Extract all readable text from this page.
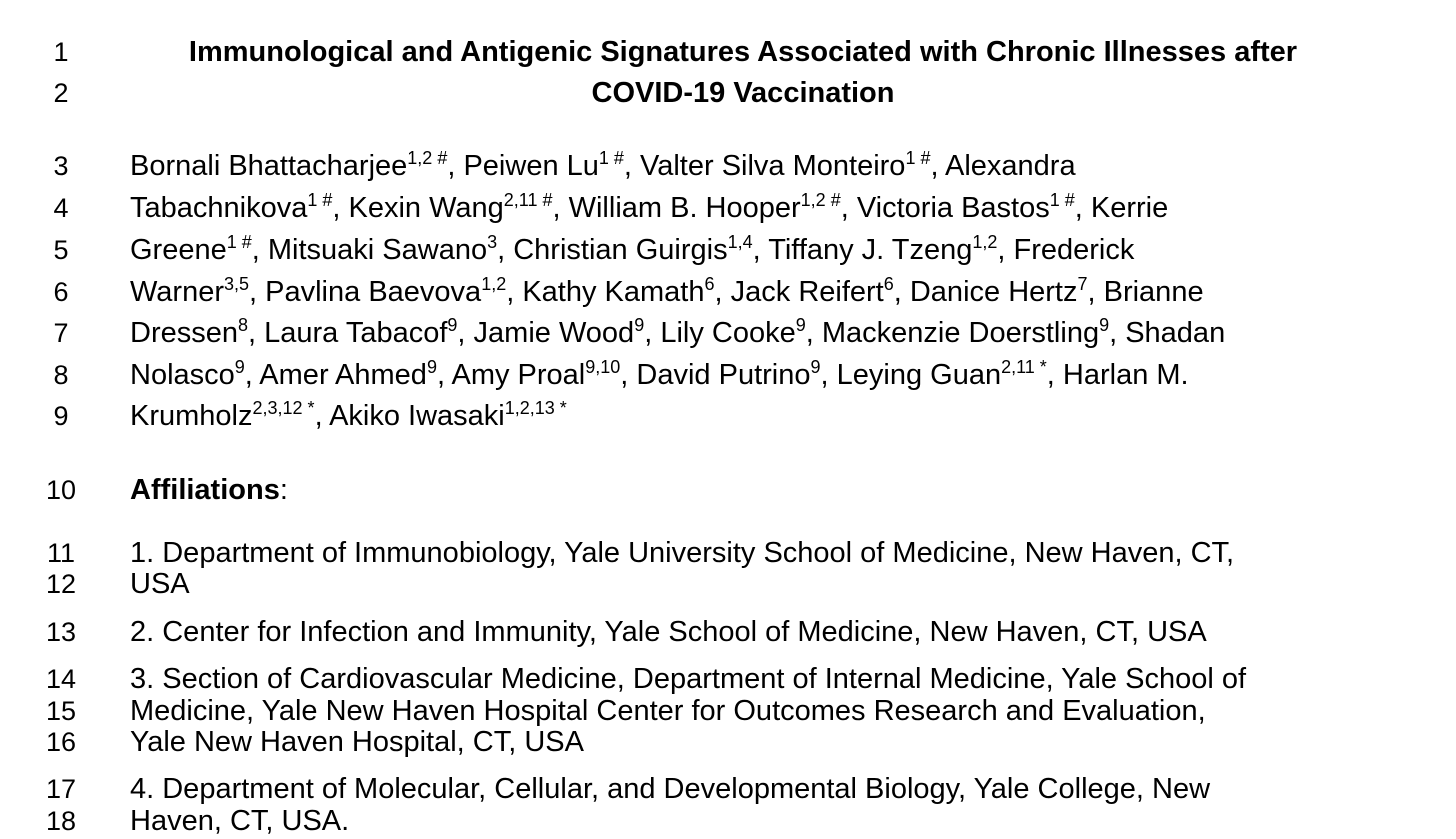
1
2
3
4
5
6
7
8
9
10
11
12
13
14
15
16
17
18
Immunological and Antigenic Signatures Associated with Chronic Illnesses after
COVID-19 Vaccination
Bornali Bhattacharjee$^{1,2 \#}$, Peiwen $Lu^{1 \#}$, Valter Silva Monteiro$^{1 \#}$, Alexandra
Tabachnikova$^{1 \#}$, Kexin Wang$^{2,11 \#}$, William B. Hooper$^{1,2 \#}$, Victoria Bastos$^{1 \#}$, Kerrie
Greene$^{1 \#}$, Mitsuaki Sawano$^3$, Christian Guirgis$^{1,4}$, Tiffany J. Tzeng$^{1,2}$, Frederick
Warner$^{3,5}$, Pavlina Baevova$^{1,2}$, Kathy Kamath$^6$, Jack Reifert$^6$, Danice Hertz$^7$, Brianne
Dressen$^8$, Laura Tabacof$^9$, Jamie Wood$^9$, Lily Cooke$^9$, Mackenzie Doerstling$^9$, Shadan
Nolasco$^9$, Amer Ahmed$^9$, Amy Proal$^{9,10}$, David Putrino$^9$, Leying Guan$^{2,11 *}$, Harlan M.
Krumholz$^{2,3,12 *}$, Akiko Iwasaki$^{1,2,13 *}$
Affiliations:
1. Department of Immunobiology, Yale University School of Medicine, New Haven, CT,
USA
2. Center for Infection and Immunity, Yale School of Medicine, New Haven, CT, USA
3. Section of Cardiovascular Medicine, Department of Internal Medicine, Yale School of
Medicine, Yale New Haven Hospital Center for Outcomes Research and Evaluation,
Yale New Haven Hospital, CT, USA
4. Department of Molecular, Cellular, and Developmental Biology, Yale College, New
Haven, CT, USA.
